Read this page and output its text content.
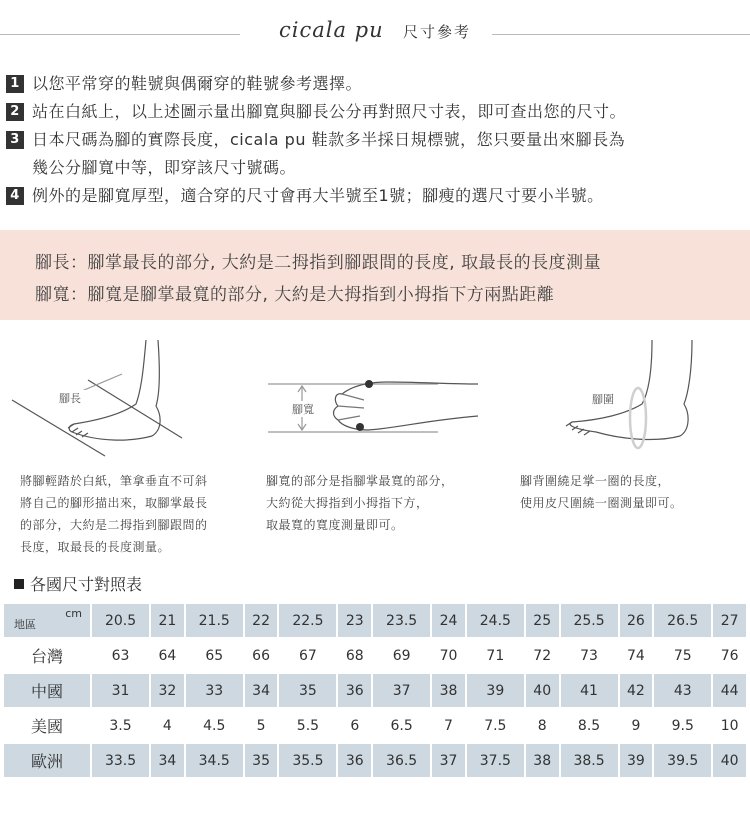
cicala pu 尺寸參考
1 以您平常穿的鞋號與偶爾穿的鞋號參考選擇。
2 站在白紙上，以上述圖示量出腳寬與腳長公分再對照尺寸表，即可查出您的尺寸。
3 日本尺碼為腳的實際長度，cicala pu 鞋款多半採日規標號，您只要量出來腳長為
幾公分腳寬中等，即穿該尺寸號碼。
4 例外的是腳寬厚型，適合穿的尺寸會再大半號至1號；腳瘦的選尺寸要小半號。
腳長：腳掌最長的部分, 大約是二拇指到腳跟間的長度, 取最長的長度測量
腳寬：腳寬是腳掌最寬的部分, 大約是大拇指到小拇指下方兩點距離
腳長
腳寬
腳圍
將腳輕踏於白紙，筆拿垂直不可斜
將自己的腳形描出來，取腳掌最長
的部分，大約是二拇指到腳跟間的
長度，取最長的長度測量。
腳寬的部分是指腳掌最寬的部分，
大約從大拇指到小拇指下方，
取最寬的寬度測量即可。
腳背圍繞足掌一圈的長度，
使用皮尺圍繞一圈測量即可。
各國尺寸對照表
cm
地區	20.5	21	21.5	22	22.5	23	23.5	24	24.5	25	25.5	26	26.5	27
台灣	63	64	65	66	67	68	69	70	71	72	73	74	75	76
中國	31	32	33	34	35	36	37	38	39	40	41	42	43	44
美國	3.5	4	4.5	5	5.5	6	6.5	7	7.5	8	8.5	9	9.5	10
歐洲	33.5	34	34.5	35	35.5	36	36.5	37	37.5	38	38.5	39	39.5	40
